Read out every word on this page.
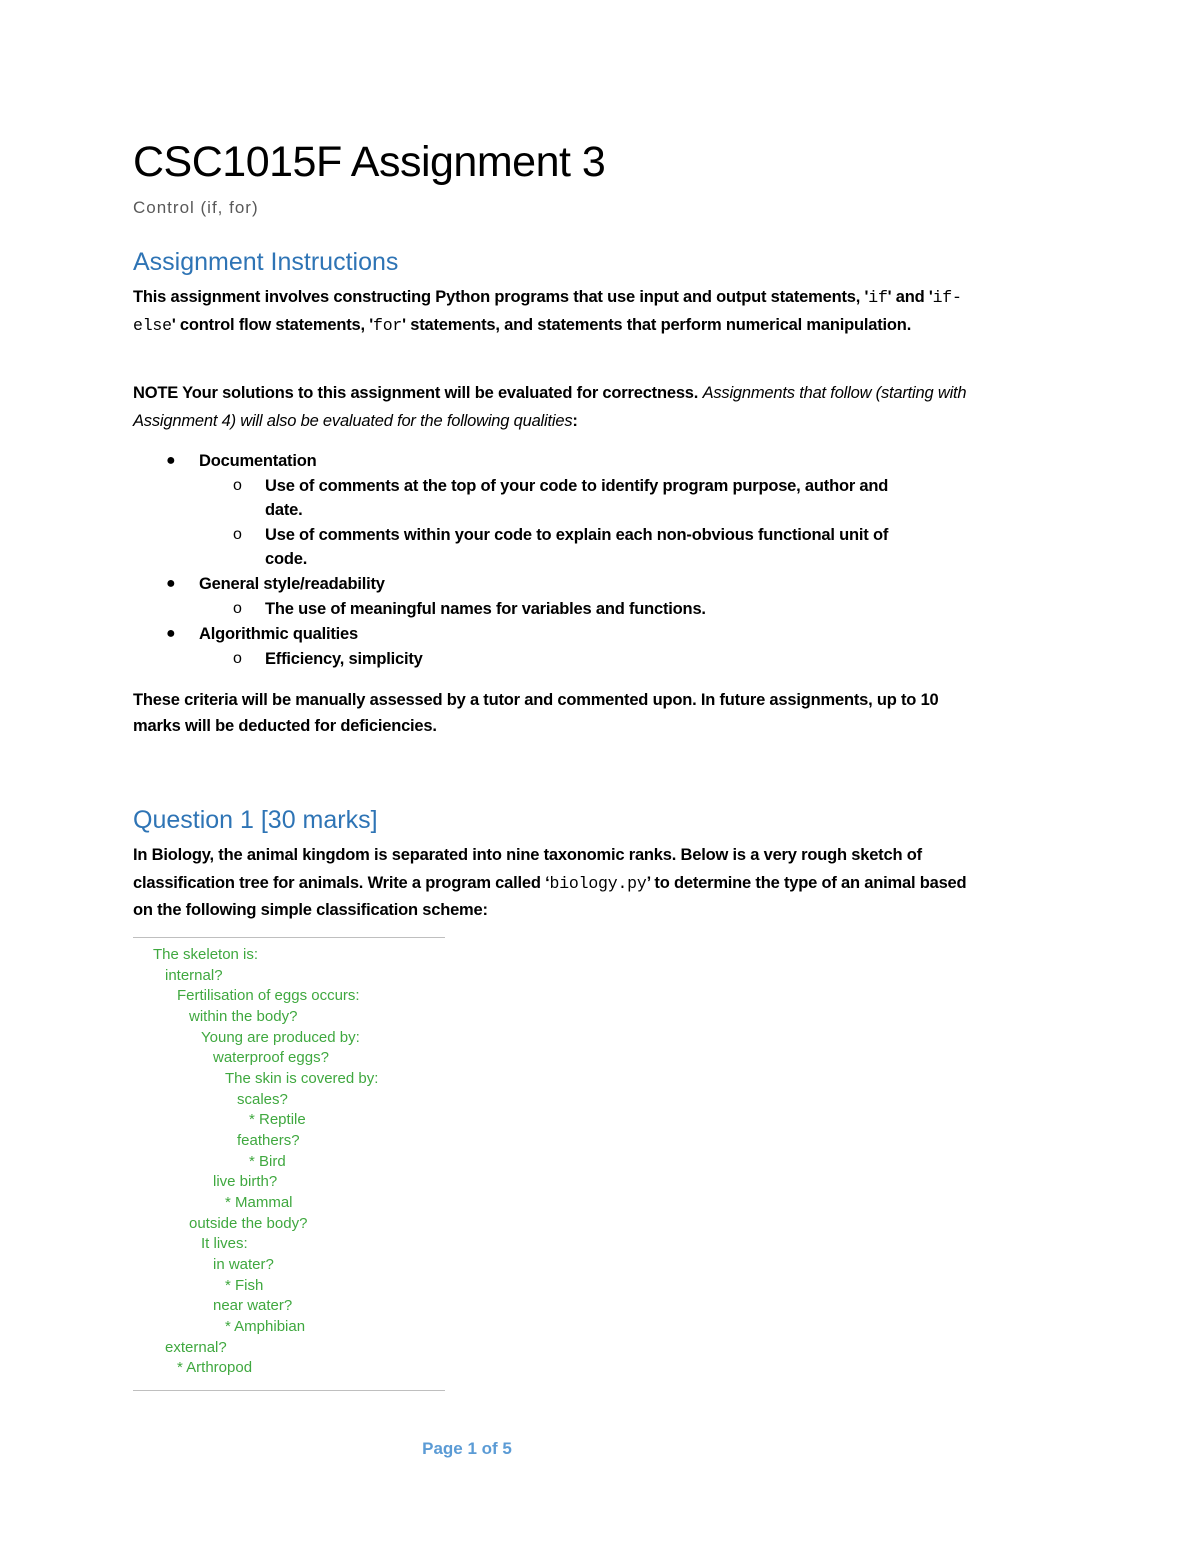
CSC1015F Assignment 3

Control (if, for)

Assignment Instructions

This assignment involves constructing Python programs that use input and output statements, 'if' and 'if-else' control flow statements, 'for' statements, and statements that perform numerical manipulation.

NOTE Your solutions to this assignment will be evaluated for correctness. Assignments that follow (starting with Assignment 4) will also be evaluated for the following qualities:

● Documentation
o Use of comments at the top of your code to identify program purpose, author and
date.
o Use of comments within your code to explain each non-obvious functional unit of
code.
● General style/readability
o The use of meaningful names for variables and functions.
● Algorithmic qualities
o Efficiency, simplicity

These criteria will be manually assessed by a tutor and commented upon. In future assignments, up to 10 marks will be deducted for deficiencies.

Question 1 [30 marks]

In Biology, the animal kingdom is separated into nine taxonomic ranks. Below is a very rough sketch of classification tree for animals. Write a program called ‘biology.py’ to determine the type of an animal based on the following simple classification scheme:

The skeleton is:
internal?
Fertilisation of eggs occurs:
within the body?
Young are produced by:
waterproof eggs?
The skin is covered by:
scales?
* Reptile
feathers?
* Bird
live birth?
* Mammal
outside the body?
It lives:
in water?
* Fish
near water?
* Amphibian
external?
* Arthropod
Page 1 of 5
